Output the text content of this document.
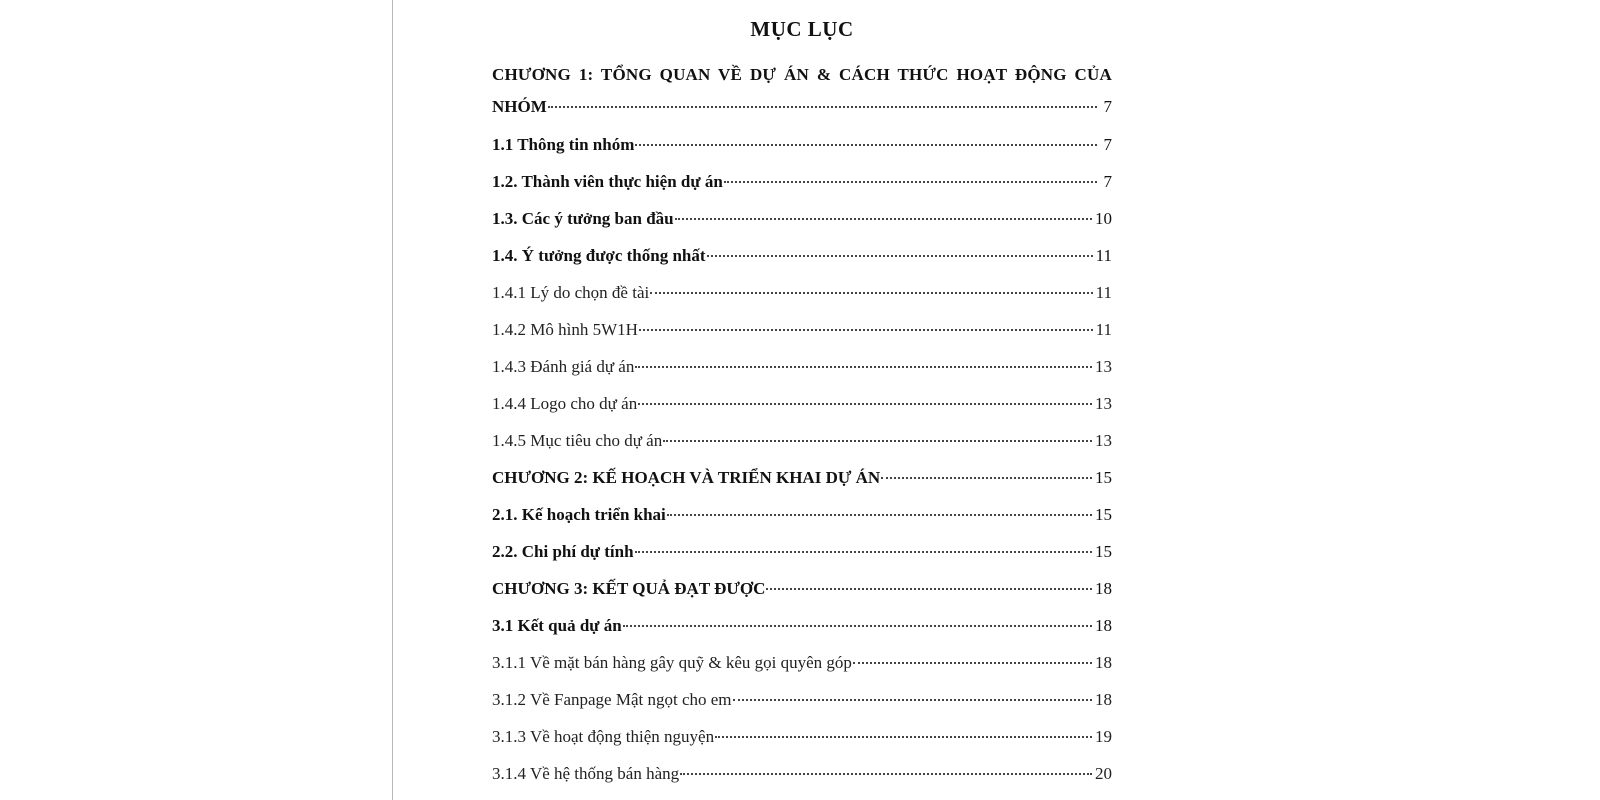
MỤC LỤC
CHƯƠNG 1: TỔNG QUAN VỀ DỰ ÁN & CÁCH THỨC HOẠT ĐỘNG CỦA
NHÓM	7
1.1 Thông tin nhóm	7
1.2. Thành viên thực hiện dự án	7
1.3. Các ý tưởng ban đầu	10
1.4. Ý tưởng được thống nhất	11
1.4.1 Lý do chọn đề tài	11
1.4.2 Mô hình 5W1H	11
1.4.3 Đánh giá dự án	13
1.4.4 Logo cho dự án	13
1.4.5 Mục tiêu cho dự án	13
CHƯƠNG 2: KẾ HOẠCH VÀ TRIỂN KHAI DỰ ÁN	15
2.1. Kế hoạch triển khai	15
2.2. Chi phí dự tính	15
CHƯƠNG 3: KẾT QUẢ ĐẠT ĐƯỢC	18
3.1 Kết quả dự án	18
3.1.1 Về mặt bán hàng gây quỹ & kêu gọi quyên góp	18
3.1.2 Về Fanpage Mật ngọt cho em	18
3.1.3 Về hoạt động thiện nguyện	19
3.1.4 Về hệ thống bán hàng	20
